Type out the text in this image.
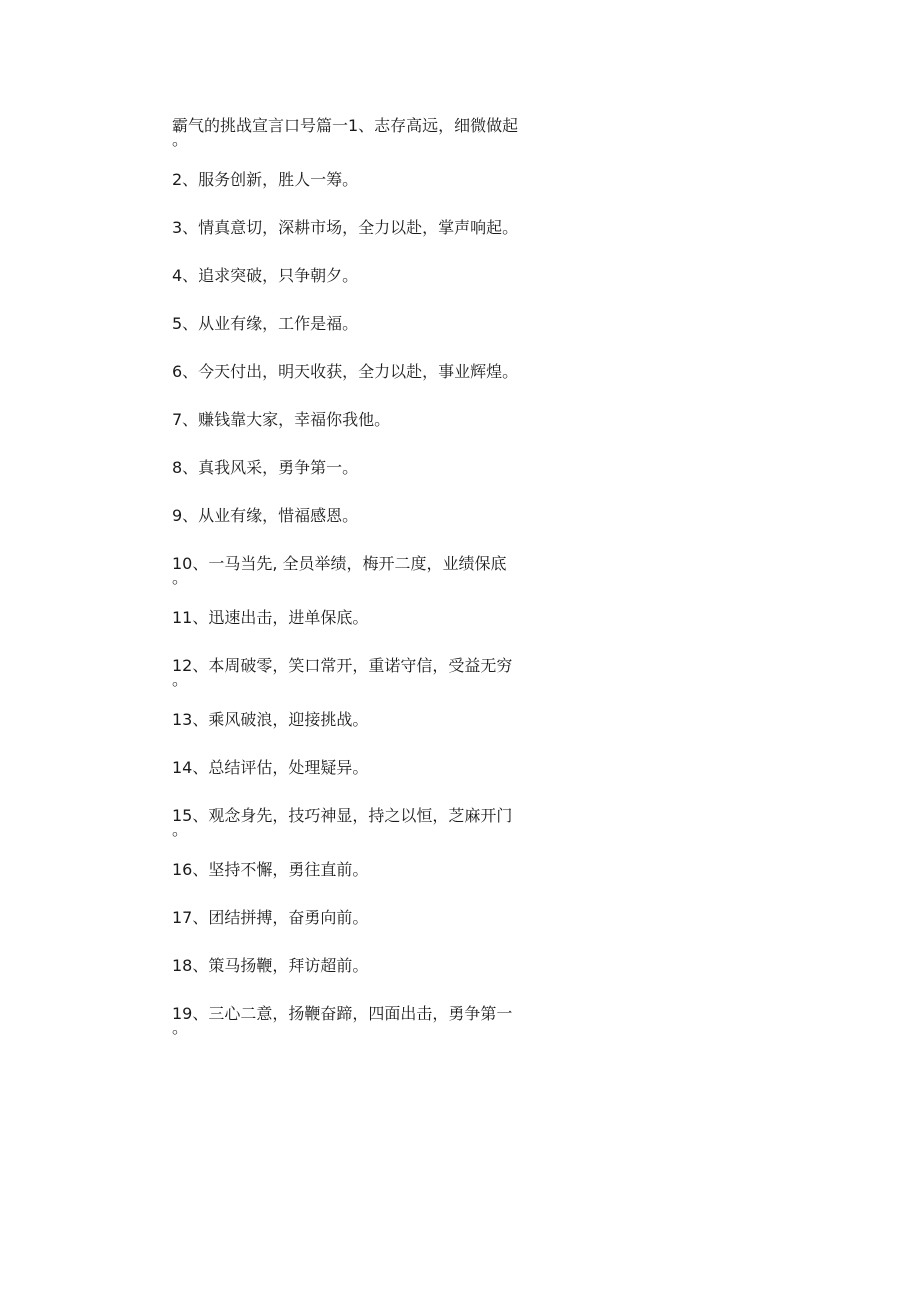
霸气的挑战宣言口号篇一1、志存高远，细微做起
。

2、服务创新，胜人一筹。

3、情真意切，深耕市场，全力以赴，掌声响起。

4、追求突破，只争朝夕。

5、从业有缘，工作是福。

6、今天付出，明天收获，全力以赴，事业辉煌。

7、赚钱靠大家，幸福你我他。

8、真我风采，勇争第一。

9、从业有缘，惜福感恩。

10、一马当先, 全员举绩，梅开二度，业绩保底
。

11、迅速出击，进单保底。

12、本周破零，笑口常开，重诺守信，受益无穷
。

13、乘风破浪，迎接挑战。

14、总结评估，处理疑异。

15、观念身先，技巧神显，持之以恒，芝麻开门
。

16、坚持不懈，勇往直前。

17、团结拼搏，奋勇向前。

18、策马扬鞭，拜访超前。

19、三心二意，扬鞭奋蹄，四面出击，勇争第一
。
